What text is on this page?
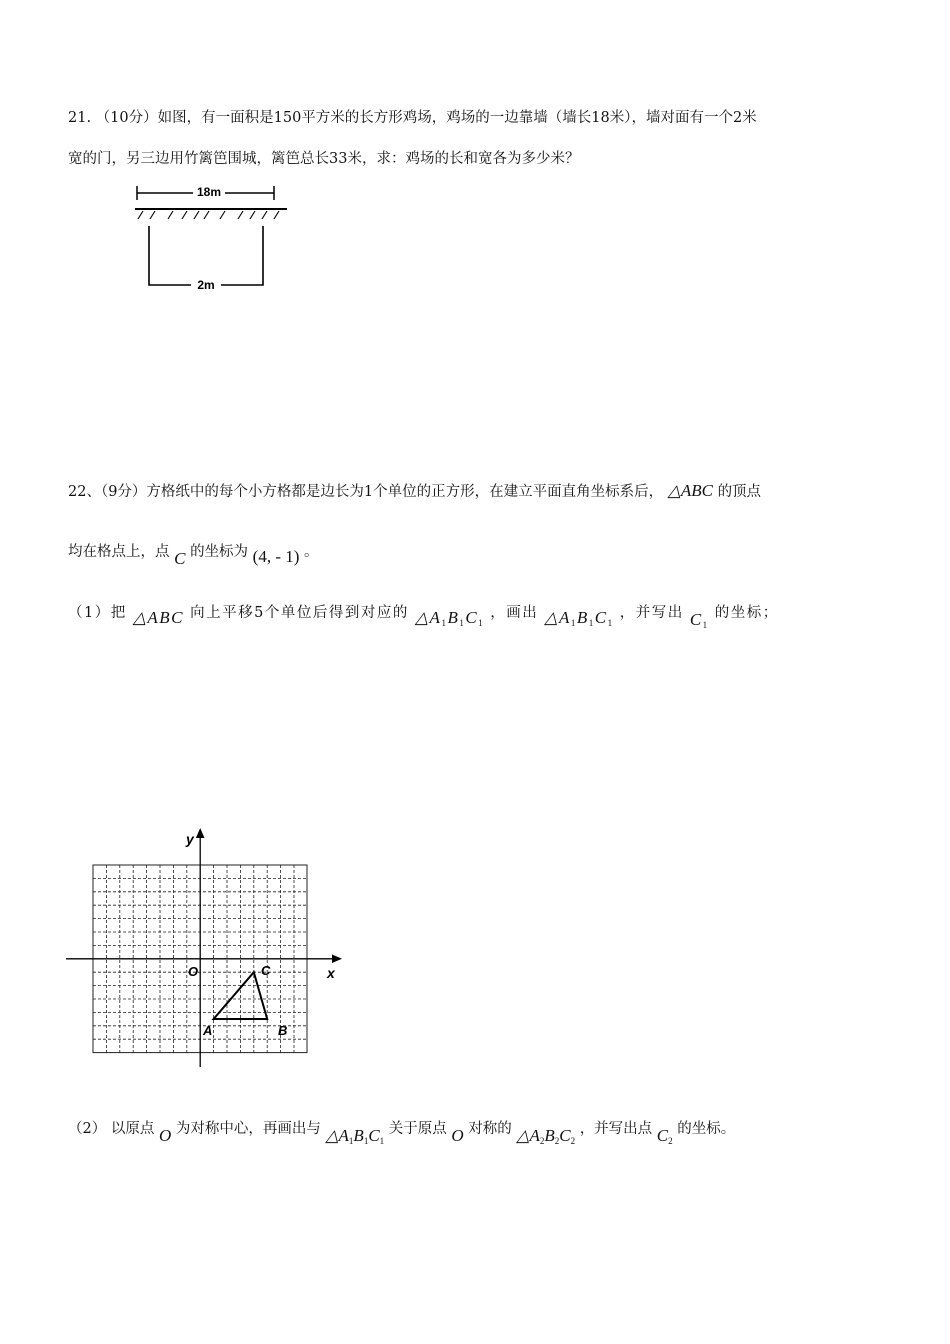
21. （10分）如图，有一面积是150平方米的长方形鸡场，鸡场的一边靠墙（墙长18米），墙对面有一个2米
宽的门，另三边用竹篱笆围城，篱笆总长33米，求：鸡场的长和宽各为多少米？
18m
2m
22、（9分）方格纸中的每个小方格都是边长为1个单位的正方形，在建立平面直角坐标系后， △ABC 的顶点
均在格点上，点 C 的坐标为 (4, - 1) 。
（1）把 △ABC 向上平移5个单位后得到对应的 $\triangle A_1B_1C_1$ ，画出 $\triangle A_1B_1C_1$ ，并写出 $C_1$ 的坐标；
y
x
O
A	B
C
（2） 以原点 O 为对称中心，再画出与 $\triangle A_1B_1C_1$ 关于原点 O 对称的 $\triangle A_2B_2C_2$ ，并写出点 $C_2$ 的坐标。
